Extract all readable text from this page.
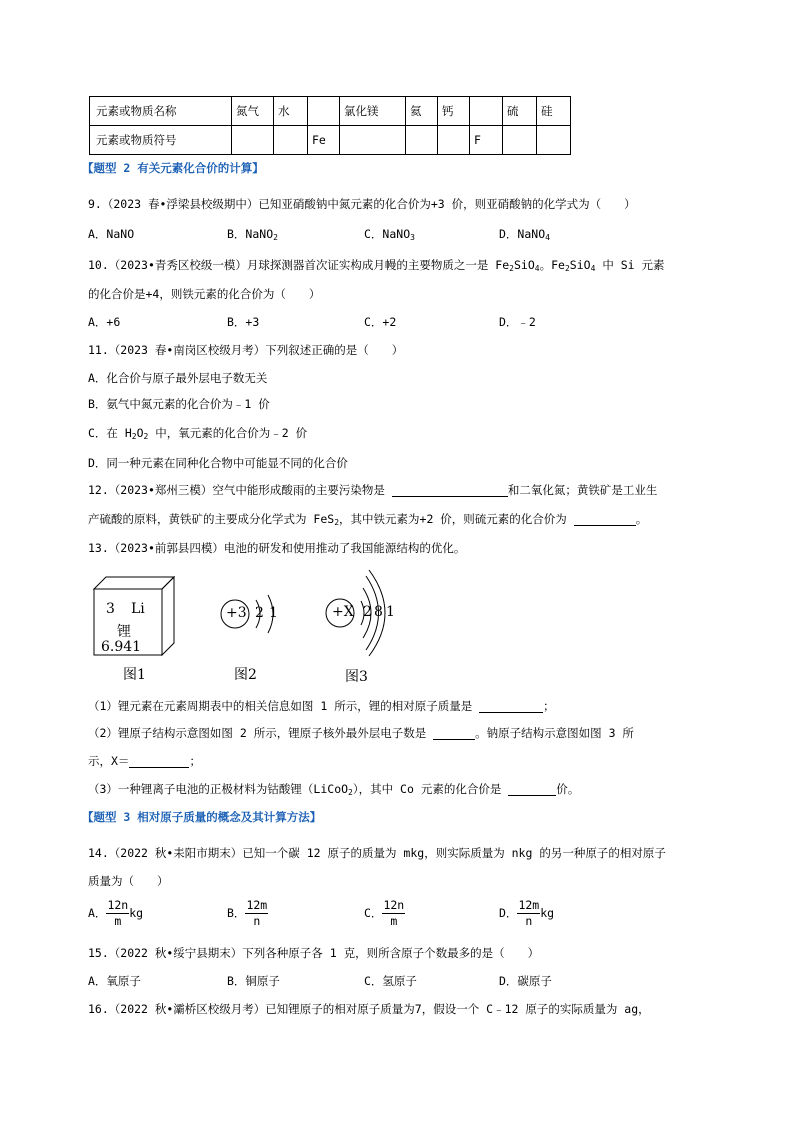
元素或物质名称	氮气	水		氯化镁	氦	钙		硫	硅
元素或物质符号			Fe				F		
【题型 2 有关元素化合价的计算】
9.（2023 春•浮梁县校级期中）已知亚硝酸钠中氮元素的化合价为+3 价，则亚硝酸钠的化学式为（　　）
A．NaNO	B．NaNO$_2$	C．NaNO$_3$	D．NaNO$_4$
10.（2023•青秀区校级一模）月球探测器首次证实构成月幔的主要物质之一是 $Fe_2SiO_4$。$Fe_2SiO_4$ 中 Si 元素
的化合价是+4，则铁元素的化合价为（　　）
A．+6	B．+3	C．+2	D．﹣2
11.（2023 春•南岗区校级月考）下列叙述正确的是（　　）
A．化合价与原子最外层电子数无关
B．氨气中氮元素的化合价为﹣1 价
C．在 $H_2O_2$ 中，氧元素的化合价为﹣2 价
D．同一种元素在同种化合物中可能显不同的化合价
12.（2023•郑州三模）空气中能形成酸雨的主要污染物是	和二氧化氮；黄铁矿是工业生
产硫酸的原料，黄铁矿的主要成分化学式为 FeS$_2$，其中铁元素为+2 价，则硫元素的化合价为	。
13.（2023•前郭县四模）电池的研发和使用推动了我国能源结构的优化。
3 Li
锂
6.941
图1
+3 2 1
图2
+X 2 8 1
图3
（1）锂元素在元素周期表中的相关信息如图 1 所示，锂的相对原子质量是	；
（2）锂原子结构示意图如图 2 所示，锂原子核外最外层电子数是	。钠原子结构示意图如图 3 所
示，X＝	；
（3）一种锂离子电池的正极材料为钴酸锂（LiCoO$_2$），其中 Co 元素的化合价是	价。
【题型 3 相对原子质量的概念及其计算方法】
14.（2022 秋•耒阳市期末）已知一个碳 12 原子的质量为 mkg，则实际质量为 nkg 的另一种原子的相对原子
质量为（　　）
A． $\frac{12n}{m}$ kg	B． $\frac{12m}{n}$	C． $\frac{12n}{m}$	D． $\frac{12m}{n}$ kg
15.（2022 秋•绥宁县期末）下列各种原子各 1 克，则所含原子个数最多的是（　　）
A．氧原子	B．铜原子	C．氢原子	D．碳原子
16.（2022 秋•灞桥区校级月考）已知锂原子的相对原子质量为7，假设一个 C﹣12 原子的实际质量为 ag，
